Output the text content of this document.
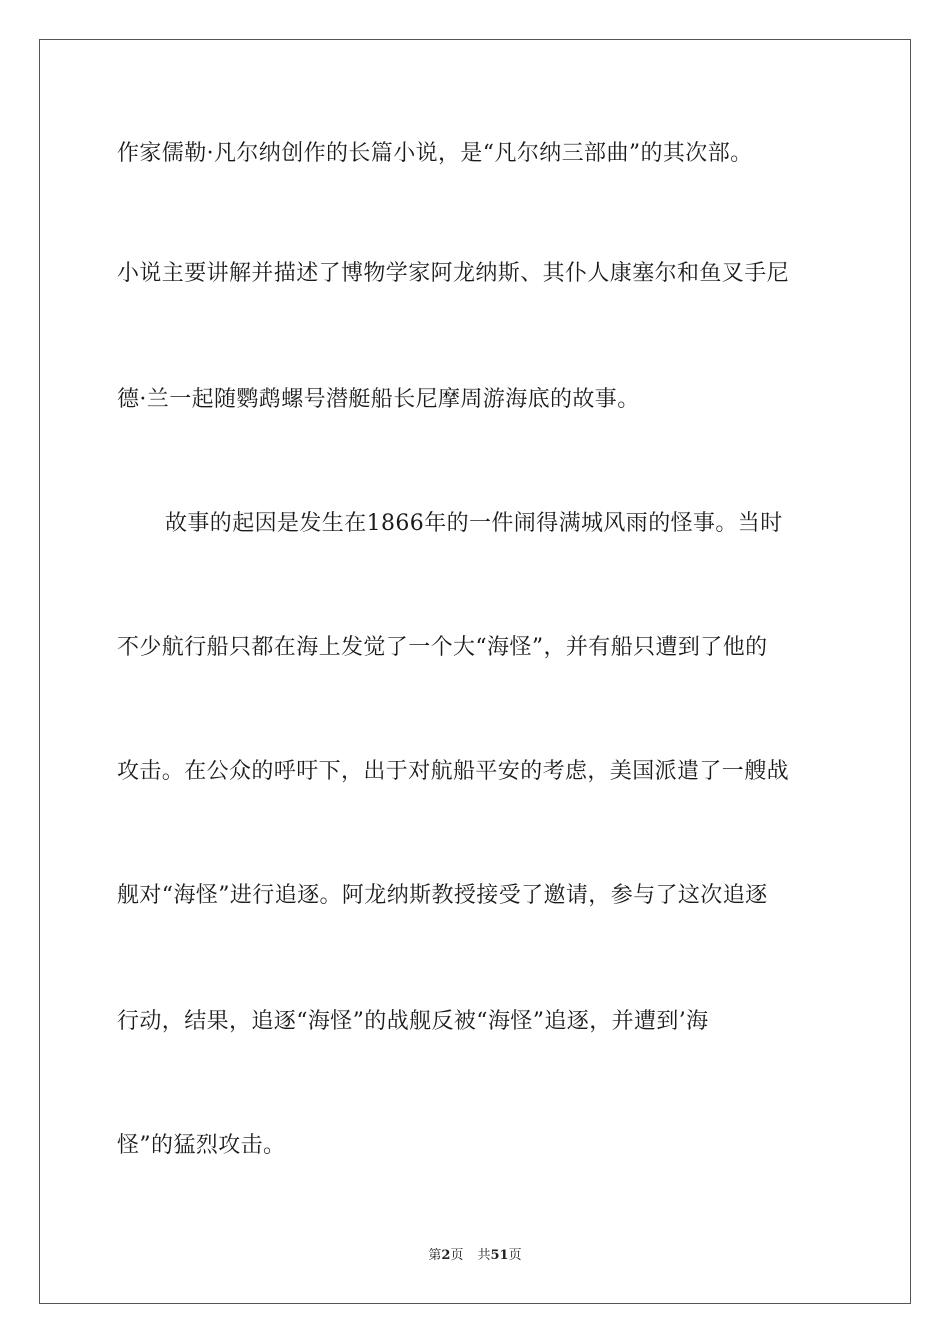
作家儒勒·凡尔纳创作的长篇小说，是“凡尔纳三部曲”的其次部。
小说主要讲解并描述了博物学家阿龙纳斯、其仆人康塞尔和鱼叉手尼
德·兰一起随鹦鹉螺号潜艇船长尼摩周游海底的故事。
故事的起因是发生在1866年的一件闹得满城风雨的怪事。当时
不少航行船只都在海上发觉了一个大“海怪”，并有船只遭到了他的
攻击。在公众的呼吁下，出于对航船平安的考虑，美国派遣了一艘战
舰对“海怪”进行追逐。阿龙纳斯教授接受了邀请，参与了这次追逐
行动，结果，追逐“海怪”的战舰反被“海怪”追逐，并遭到’海
怪”的猛烈攻击。
第2页 共51页
